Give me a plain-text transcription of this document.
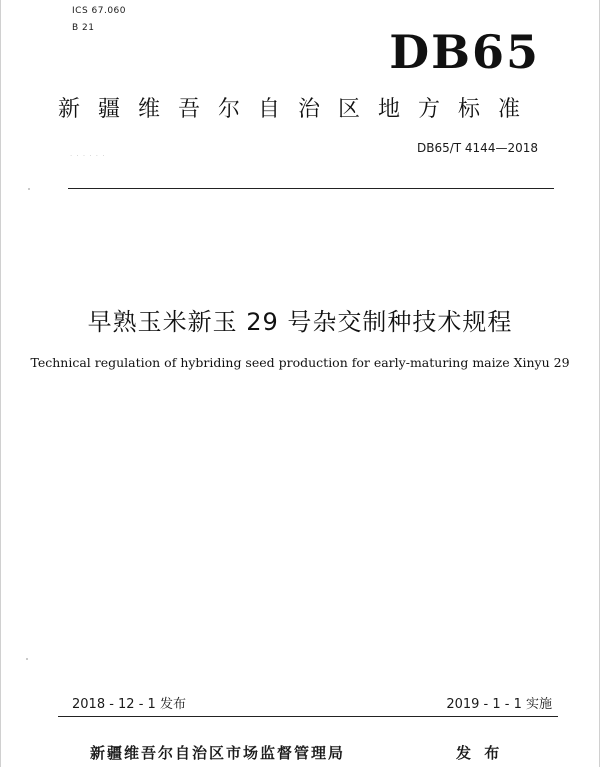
ICS 67.060
B 21	DB65
新疆维吾尔自治区地方标准
DB65/T 4144—2018
· · · · · ·
早熟玉米新玉 29 号杂交制种技术规程
Technical regulation of hybriding seed production for early-maturing maize Xinyu 29
2018 - 12 - 1 发布	2019 - 1 - 1 实施
新疆维吾尔自治区市场监督管理局	发 布
